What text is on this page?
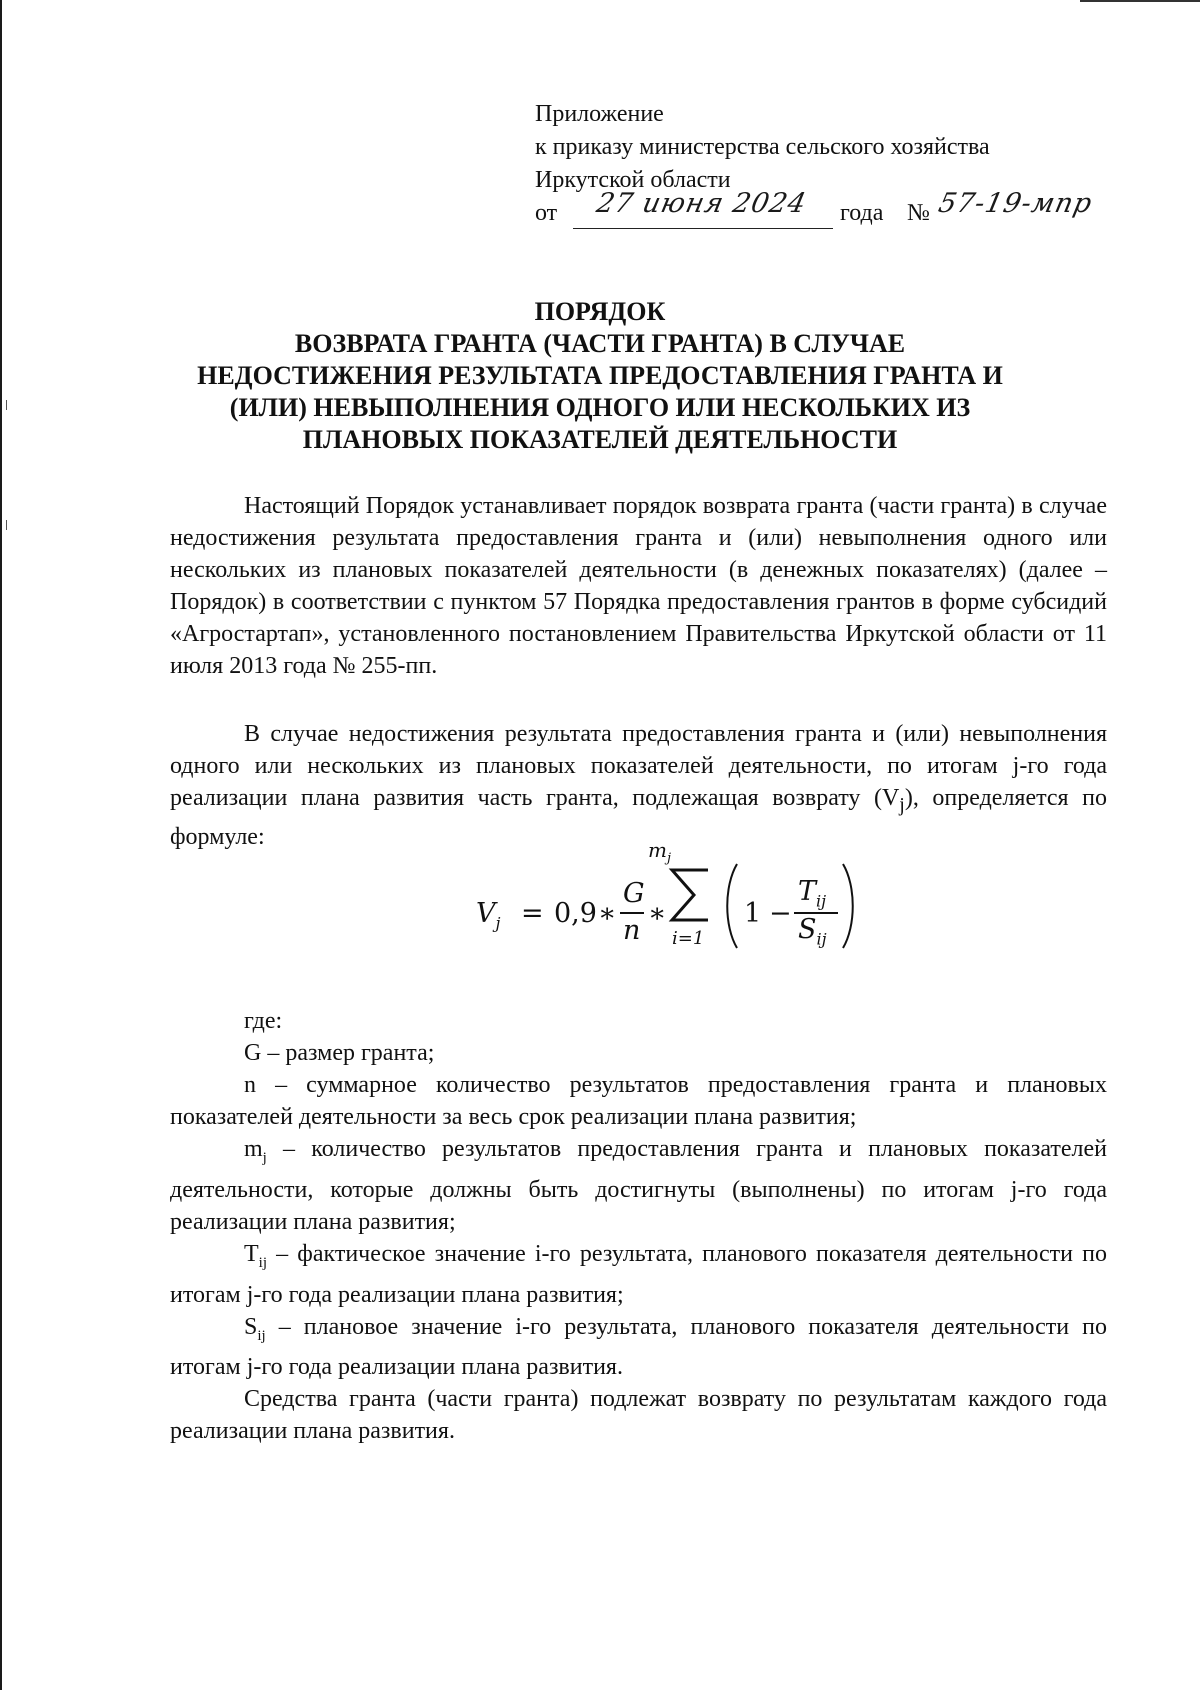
Приложение
к приказу министерства сельского хозяйства
Иркутской области
от 27 июня 2024 года № 57-19-мпр
ПОРЯДОК
ВОЗВРАТА ГРАНТА (ЧАСТИ ГРАНТА) В СЛУЧАЕ
НЕДОСТИЖЕНИЯ РЕЗУЛЬТАТА ПРЕДОСТАВЛЕНИЯ ГРАНТА И
(ИЛИ) НЕВЫПОЛНЕНИЯ ОДНОГО ИЛИ НЕСКОЛЬКИХ ИЗ
ПЛАНОВЫХ ПОКАЗАТЕЛЕЙ ДЕЯТЕЛЬНОСТИ

Настоящий Порядок устанавливает порядок возврата гранта (части гранта) в случае недостижения результата предоставления гранта и (или) невыполнения одного или нескольких из плановых показателей деятельности (в денежных показателях) (далее – Порядок) в соответствии с пунктом 57 Порядка предоставления грантов в форме субсидий «Агростартап», установленного постановлением Правительства Иркутской области от 11 июля 2013 года № 255-пп.

В случае недостижения результата предоставления гранта и (или) невыполнения одного или нескольких из плановых показателей деятельности, по итогам j-го года реализации плана развития часть гранта, подлежащая возврату $(V_j)$, определяется по формуле:

$V_j = 0,9$ ∗
G
n
∗
$m_j$
i=1
1 −
$T_{ij}$
$S_{ij}$

где:

G – размер гранта;

n – суммарное количество результатов предоставления гранта и плановых показателей деятельности за весь срок реализации плана развития;

$m_j$ – количество результатов предоставления гранта и плановых показателей деятельности, которые должны быть достигнуты (выполнены) по итогам j-го года реализации плана развития;

$T_{ij}$ – фактическое значение i-го результата, планового показателя деятельности по итогам j-го года реализации плана развития;

$S_{ij}$ – плановое значение i-го результата, планового показателя деятельности по итогам j-го года реализации плана развития.

Средства гранта (части гранта) подлежат возврату по результатам каждого года реализации плана развития.
